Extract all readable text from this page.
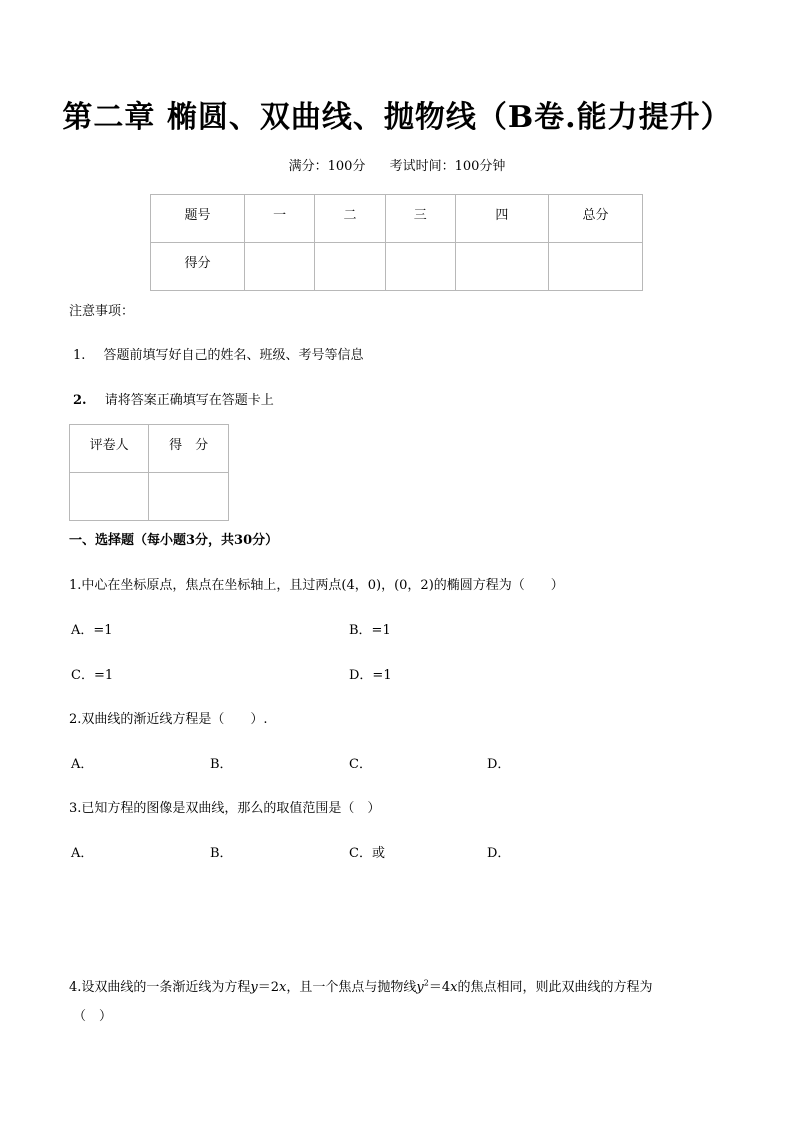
第二章 椭圆、双曲线、抛物线（B卷.能力提升）
满分：100分 考试时间：100分钟
题号	一	二	三	四	总分
得分					
注意事项：
1. 答题前填写好自己的姓名、班级、考号等信息
2. 请将答案正确填写在答题卡上
评卷人	得　分

一、选择题（每小题3分，共30分）
1.中心在坐标原点，焦点在坐标轴上，且过两点(4，0)，(0，2)的椭圆方程为（　　）
A．=1	B．=1
C．=1	D．=1
2.双曲线的渐近线方程是（　　）.
A．	B．	C．	D．
3.已知方程的图像是双曲线，那么的取值范围是（　）
A．	B．	C．或	D．
4.设双曲线的一条渐近线为方程y＝2x，且一个焦点与抛物线$y^2=4x$的焦点相同，则此双曲线的方程为
（　）
